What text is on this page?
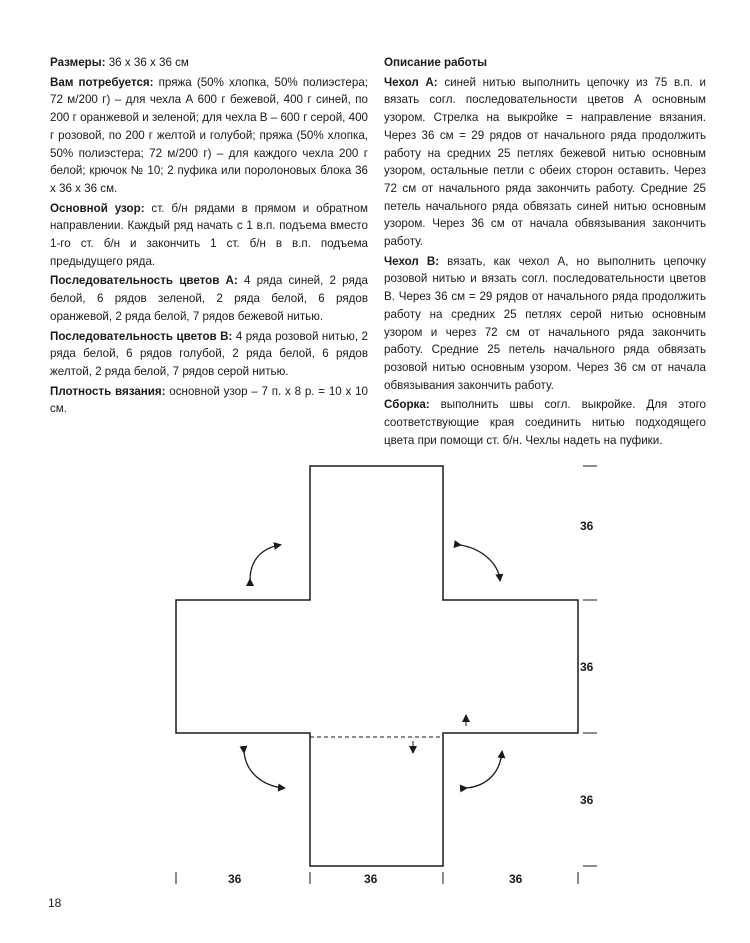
Размеры: 36 х 36 х 36 см

Вам потребуется: пряжа (50% хлопка, 50% полиэстера; 72 м/200 г) – для чехла А 600 г бежевой, 400 г синей, по 200 г оранжевой и зеленой; для чехла В – 600 г серой, 400 г розовой, по 200 г желтой и голубой; пряжа (50% хлопка, 50% полиэстера; 72 м/200 г) – для каждого чехла 200 г белой; крючок № 10; 2 пуфика или поролоновых блока 36 х 36 х 36 см.

Основной узор: ст. б/н рядами в прямом и обратном направлении. Каждый ряд начать с 1 в.п. подъема вместо 1-го ст. б/н и закончить 1 ст. б/н в в.п. подъема предыдущего ряда.

Последовательность цветов А: 4 ряда синей, 2 ряда белой, 6 рядов зеленой, 2 ряда белой, 6 рядов оранжевой, 2 ряда белой, 7 рядов бежевой нитью.

Последовательность цветов В: 4 ряда розовой нитью, 2 ряда белой, 6 рядов голубой, 2 ряда белой, 6 рядов желтой, 2 ряда белой, 7 рядов серой нитью.

Плотность вязания: основной узор – 7 п. х 8 р. = 10 х 10 см.

Описание работы

Чехол А: синей нитью выполнить цепочку из 75 в.п. и вязать согл. последовательности цветов А основным узором. Стрелка на выкройке = направление вязания. Через 36 см = 29 рядов от начального ряда продолжить работу на средних 25 петлях бежевой нитью основным узором, остальные петли с обеих сторон оставить. Через 72 см от начального ряда закончить работу. Средние 25 петель начального ряда обвязать синей нитью основным узором. Через 36 см от начала обвязывания закончить работу.

Чехол В: вязать, как чехол А, но выполнить цепочку розовой нитью и вязать согл. последовательности цветов В. Через 36 см = 29 рядов от начального ряда продолжить работу на средних 25 петлях серой нитью основным узором и через 72 см от начального ряда закончить работу. Средние 25 петель начального ряда обвязать розовой нитью основным узором. Через 36 см от начала обвязывания закончить работу.

Сборка: выполнить швы согл. выкройке. Для этого соответствующие края соединить нитью подходящего цвета при помощи ст. б/н. Чехлы надеть на пуфики.

36
36
36
36	36	36
18
